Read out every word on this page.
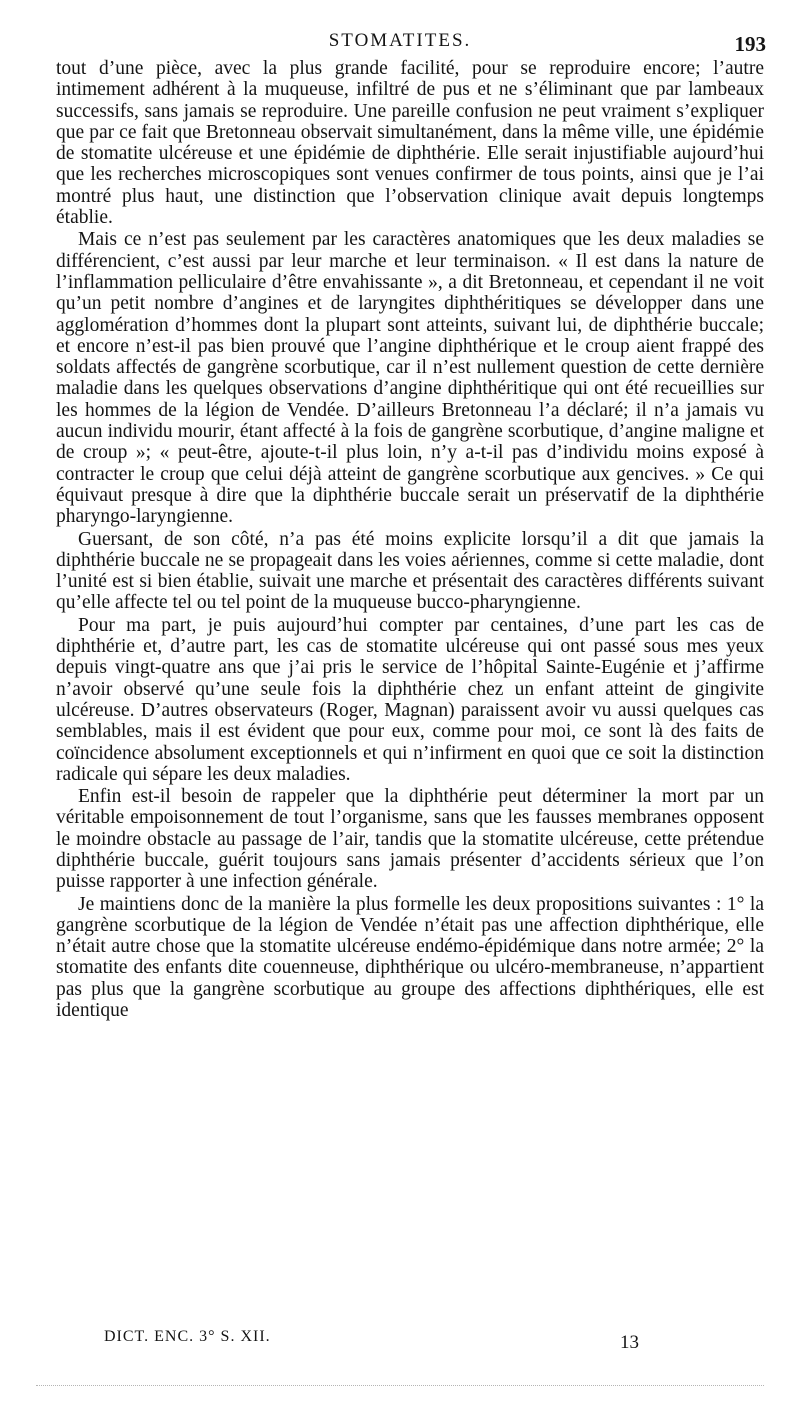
STOMATITES.	193

tout d’une pièce, avec la plus grande facilité, pour se reproduire encore; l’autre intimement adhérent à la muqueuse, infiltré de pus et ne s’éliminant que par lambeaux successifs, sans jamais se reproduire. Une pareille confusion ne peut vraiment s’expliquer que par ce fait que Bretonneau observait simultanément, dans la même ville, une épidémie de stomatite ulcéreuse et une épidémie de diphthérie. Elle serait injustifiable aujourd’hui que les recherches microscopiques sont venues confirmer de tous points, ainsi que je l’ai montré plus haut, une distinction que l’observation clinique avait depuis longtemps établie.

Mais ce n’est pas seulement par les caractères anatomiques que les deux maladies se différencient, c’est aussi par leur marche et leur terminaison. « Il est dans la nature de l’inflammation pelliculaire d’être envahissante », a dit Bretonneau, et cependant il ne voit qu’un petit nombre d’angines et de laryngites diphthéritiques se développer dans une agglomération d’hommes dont la plupart sont atteints, suivant lui, de diphthérie buccale; et encore n’est-il pas bien prouvé que l’angine diphthérique et le croup aient frappé des soldats affectés de gangrène scorbutique, car il n’est nullement question de cette dernière maladie dans les quelques observations d’angine diphthéritique qui ont été recueillies sur les hommes de la légion de Vendée. D’ailleurs Bretonneau l’a déclaré; il n’a jamais vu aucun individu mourir, étant affecté à la fois de gangrène scorbutique, d’angine maligne et de croup »; « peut-être, ajoute-t-il plus loin, n’y a-t-il pas d’individu moins exposé à contracter le croup que celui déjà atteint de gangrène scorbutique aux gencives. » Ce qui équivaut presque à dire que la diphthérie buccale serait un préservatif de la diphthérie pharyngo-laryngienne.

Guersant, de son côté, n’a pas été moins explicite lorsqu’il a dit que jamais la diphthérie buccale ne se propageait dans les voies aériennes, comme si cette maladie, dont l’unité est si bien établie, suivait une marche et présentait des caractères différents suivant qu’elle affecte tel ou tel point de la muqueuse bucco-pharyngienne.

Pour ma part, je puis aujourd’hui compter par centaines, d’une part les cas de diphthérie et, d’autre part, les cas de stomatite ulcéreuse qui ont passé sous mes yeux depuis vingt-quatre ans que j’ai pris le service de l’hôpital Sainte-Eugénie et j’affirme n’avoir observé qu’une seule fois la diphthérie chez un enfant atteint de gingivite ulcéreuse. D’autres observateurs (Roger, Magnan) paraissent avoir vu aussi quelques cas semblables, mais il est évident que pour eux, comme pour moi, ce sont là des faits de coïncidence absolument exceptionnels et qui n’infirment en quoi que ce soit la distinction radicale qui sépare les deux maladies.

Enfin est-il besoin de rappeler que la diphthérie peut déterminer la mort par un véritable empoisonnement de tout l’organisme, sans que les fausses membranes opposent le moindre obstacle au passage de l’air, tandis que la stomatite ulcéreuse, cette prétendue diphthérie buccale, guérit toujours sans jamais présenter d’accidents sérieux que l’on puisse rapporter à une infection générale.

Je maintiens donc de la manière la plus formelle les deux propositions suivantes : 1° la gangrène scorbutique de la légion de Vendée n’était pas une affection diphthérique, elle n’était autre chose que la stomatite ulcéreuse endémo-épidémique dans notre armée; 2° la stomatite des enfants dite couenneuse, diphthérique ou ulcéro-membraneuse, n’appartient pas plus que la gangrène scorbutique au groupe des affections diphthériques, elle est identique

DICT. ENC. 3° S. XII.	13
